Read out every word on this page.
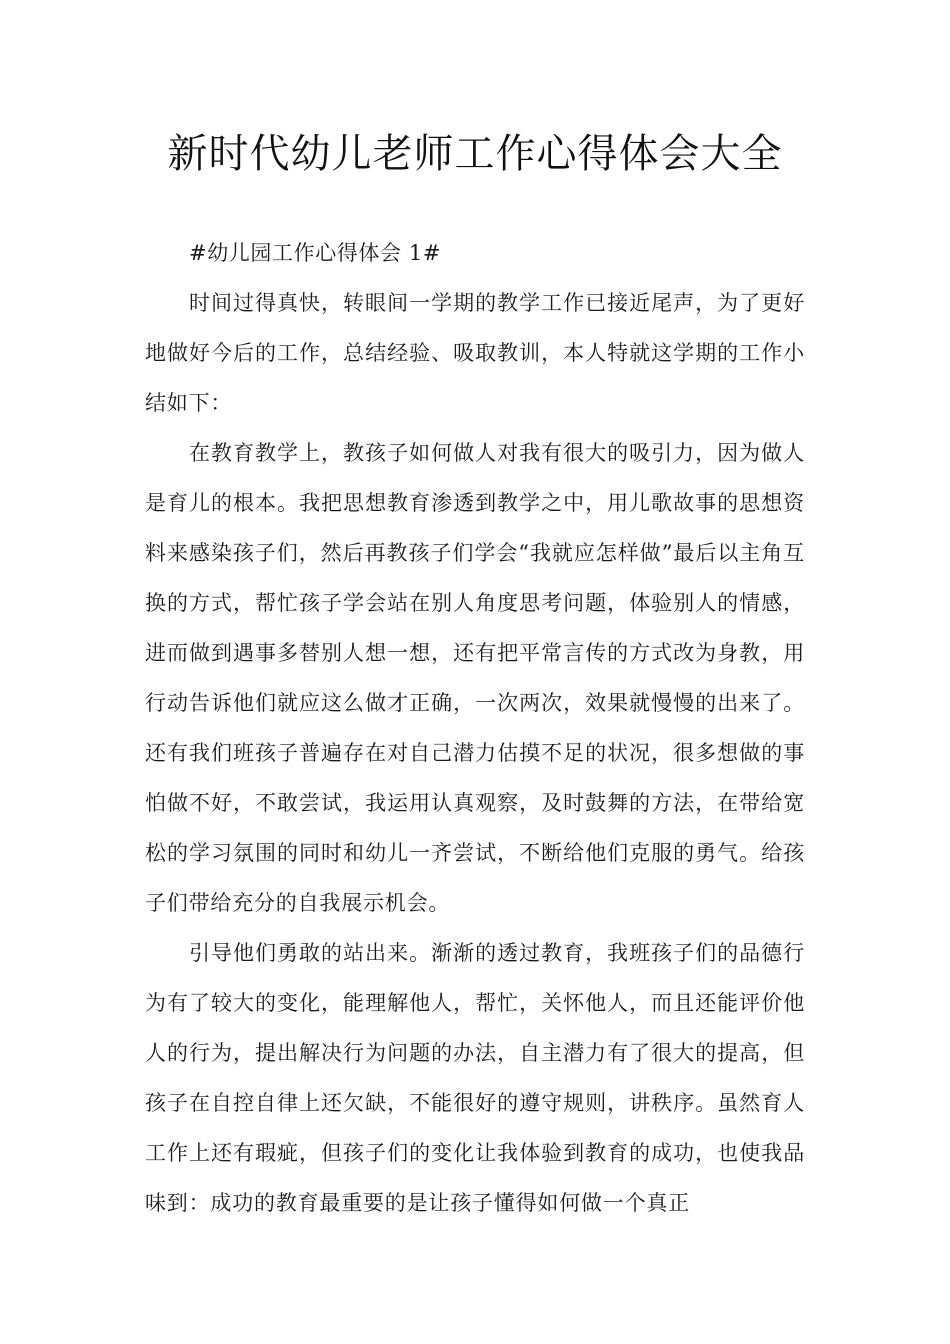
新时代幼儿老师工作心得体会大全

#幼儿园工作心得体会 1#

时间过得真快，转眼间一学期的教学工作已接近尾声，为了更好地做好今后的工作，总结经验、吸取教训，本人特就这学期的工作小结如下：

在教育教学上，教孩子如何做人对我有很大的吸引力，因为做人是育儿的根本。我把思想教育渗透到教学之中，用儿歌故事的思想资料来感染孩子们，然后再教孩子们学会“我就应怎样做”最后以主角互换的方式，帮忙孩子学会站在别人角度思考问题，体验别人的情感，进而做到遇事多替别人想一想，还有把平常言传的方式改为身教，用行动告诉他们就应这么做才正确，一次两次，效果就慢慢的出来了。还有我们班孩子普遍存在对自己潜力估摸不足的状况，很多想做的事怕做不好，不敢尝试，我运用认真观察，及时鼓舞的方法，在带给宽松的学习氛围的同时和幼儿一齐尝试，不断给他们克服的勇气。给孩子们带给充分的自我展示机会。

引导他们勇敢的站出来。渐渐的透过教育，我班孩子们的品德行为有了较大的变化，能理解他人，帮忙，关怀他人，而且还能评价他人的行为，提出解决行为问题的办法，自主潜力有了很大的提高，但孩子在自控自律上还欠缺，不能很好的遵守规则，讲秩序。虽然育人工作上还有瑕疵，但孩子们的变化让我体验到教育的成功，也使我品味到：成功的教育最重要的是让孩子懂得如何做一个真正
